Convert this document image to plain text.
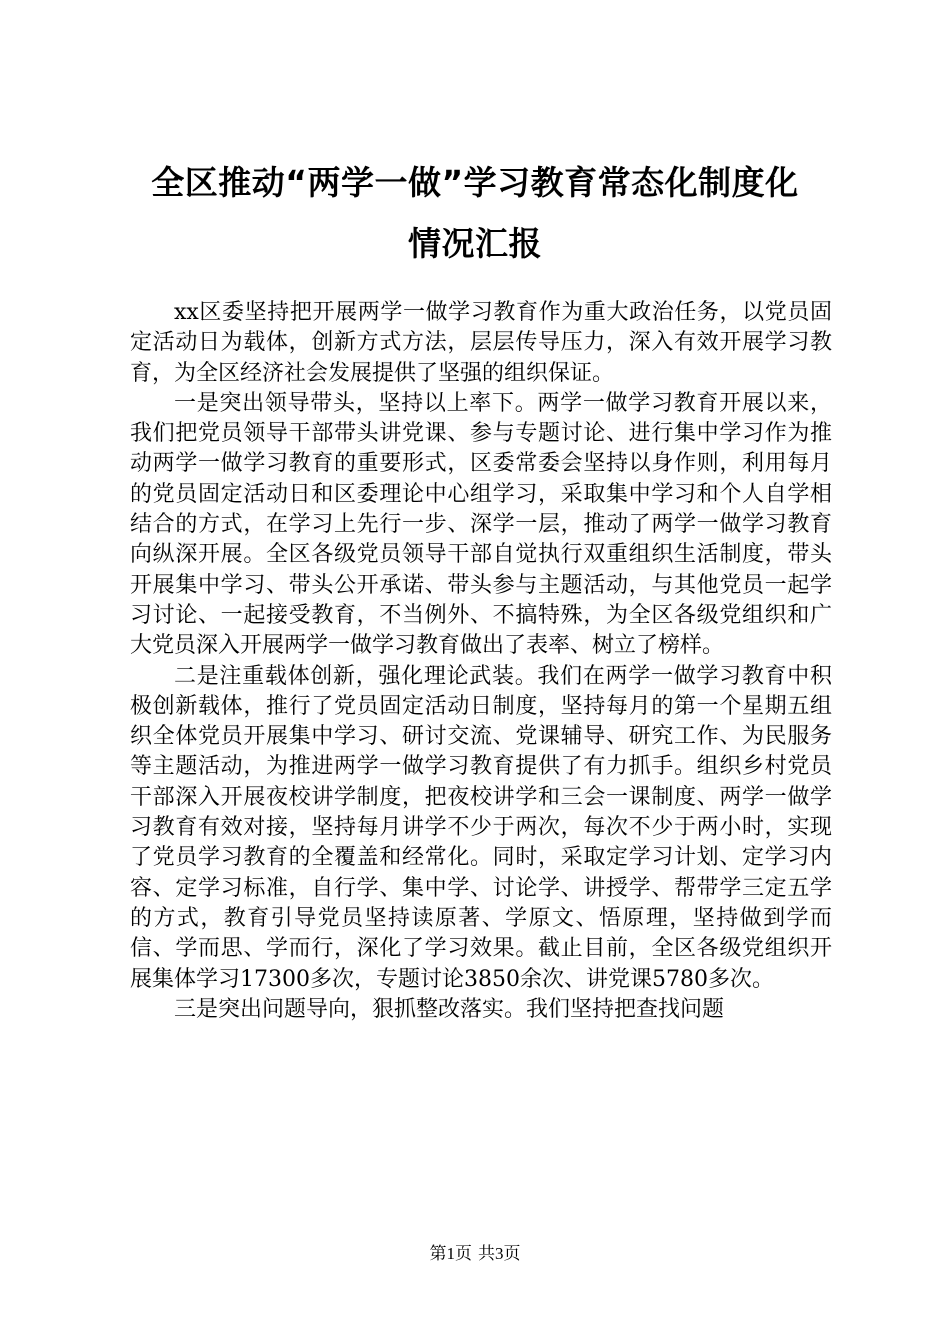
全区推动“两学一做”学习教育常态化制度化
情况汇报

xx区委坚持把开展两学一做学习教育作为重大政治任务，以党员固定活动日为载体，创新方式方法，层层传导压力，深入有效开展学习教育，为全区经济社会发展提供了坚强的组织保证。

一是突出领导带头，坚持以上率下。两学一做学习教育开展以来，我们把党员领导干部带头讲党课、参与专题讨论、进行集中学习作为推动两学一做学习教育的重要形式，区委常委会坚持以身作则，利用每月的党员固定活动日和区委理论中心组学习，采取集中学习和个人自学相结合的方式，在学习上先行一步、深学一层，推动了两学一做学习教育向纵深开展。全区各级党员领导干部自觉执行双重组织生活制度，带头开展集中学习、带头公开承诺、带头参与主题活动，与其他党员一起学习讨论、一起接受教育，不当例外、不搞特殊，为全区各级党组织和广大党员深入开展两学一做学习教育做出了表率、树立了榜样。

二是注重载体创新，强化理论武装。我们在两学一做学习教育中积极创新载体，推行了党员固定活动日制度，坚持每月的第一个星期五组织全体党员开展集中学习、研讨交流、党课辅导、研究工作、为民服务等主题活动，为推进两学一做学习教育提供了有力抓手。组织乡村党员干部深入开展夜校讲学制度，把夜校讲学和三会一课制度、两学一做学习教育有效对接，坚持每月讲学不少于两次，每次不少于两小时，实现了党员学习教育的全覆盖和经常化。同时，采取定学习计划、定学习内容、定学习标准，自行学、集中学、讨论学、讲授学、帮带学三定五学的方式，教育引导党员坚持读原著、学原文、悟原理，坚持做到学而信、学而思、学而行，深化了学习效果。截止目前，全区各级党组织开展集体学习17300多次，专题讨论3850余次、讲党课5780多次。

三是突出问题导向，狠抓整改落实。我们坚持把查找问题

第1页 共3页
